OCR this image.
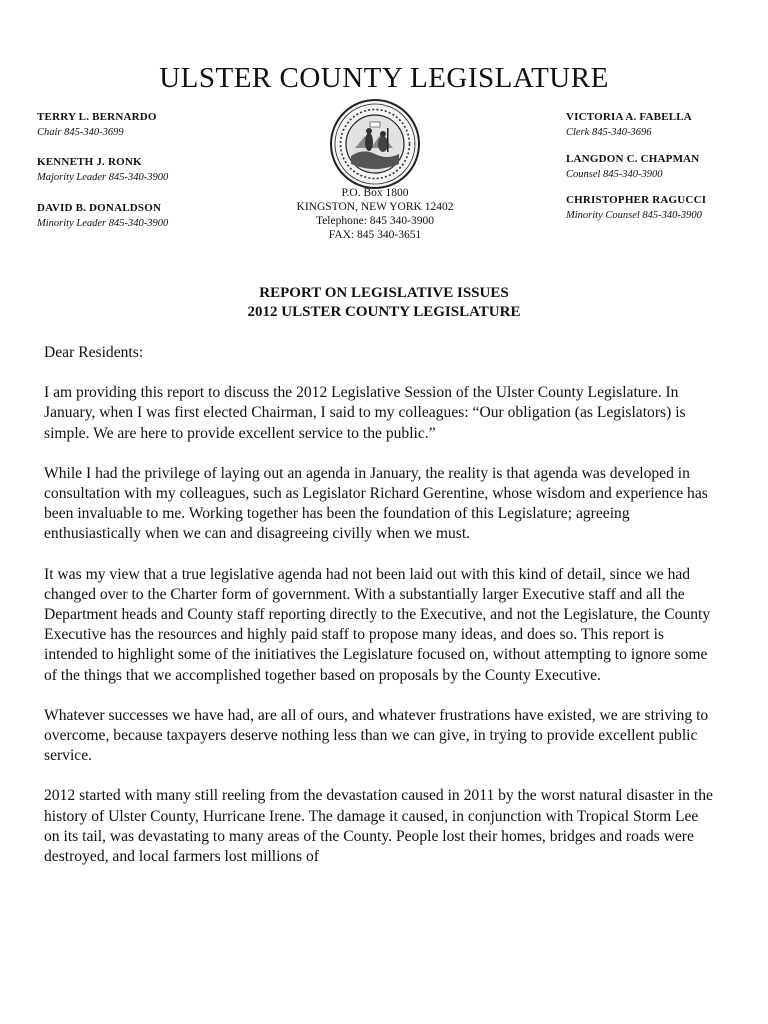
ULSTER COUNTY LEGISLATURE
TERRY L. BERNARDO
Chair 845-340-3699
KENNETH J. RONK
Majority Leader 845-340-3900
DAVID B. DONALDSON
Minority Leader 845-340-3900
VICTORIA A. FABELLA
Clerk 845-340-3696
LANGDON C. CHAPMAN
Counsel 845-340-3900
CHRISTOPHER RAGUCCI
Minority Counsel 845-340-3900
P.O. Box 1800
KINGSTON, NEW YORK 12402
Telephone: 845 340-3900
FAX: 845 340-3651
REPORT ON LEGISLATIVE ISSUES
2012 ULSTER COUNTY LEGISLATURE

Dear Residents:

I am providing this report to discuss the 2012 Legislative Session of the Ulster County Legislature. In January, when I was first elected Chairman, I said to my colleagues: “Our obligation (as Legislators) is simple. We are here to provide excellent service to the public.”

While I had the privilege of laying out an agenda in January, the reality is that agenda was developed in consultation with my colleagues, such as Legislator Richard Gerentine, whose wisdom and experience has been invaluable to me. Working together has been the foundation of this Legislature; agreeing enthusiastically when we can and disagreeing civilly when we must.

It was my view that a true legislative agenda had not been laid out with this kind of detail, since we had changed over to the Charter form of government. With a substantially larger Executive staff and all the Department heads and County staff reporting directly to the Executive, and not the Legislature, the County Executive has the resources and highly paid staff to propose many ideas, and does so. This report is intended to highlight some of the initiatives the Legislature focused on, without attempting to ignore some of the things that we accomplished together based on proposals by the County Executive.

Whatever successes we have had, are all of ours, and whatever frustrations have existed, we are striving to overcome, because taxpayers deserve nothing less than we can give, in trying to provide excellent public service.

2012 started with many still reeling from the devastation caused in 2011 by the worst natural disaster in the history of Ulster County, Hurricane Irene. The damage it caused, in conjunction with Tropical Storm Lee on its tail, was devastating to many areas of the County. People lost their homes, bridges and roads were destroyed, and local farmers lost millions of
